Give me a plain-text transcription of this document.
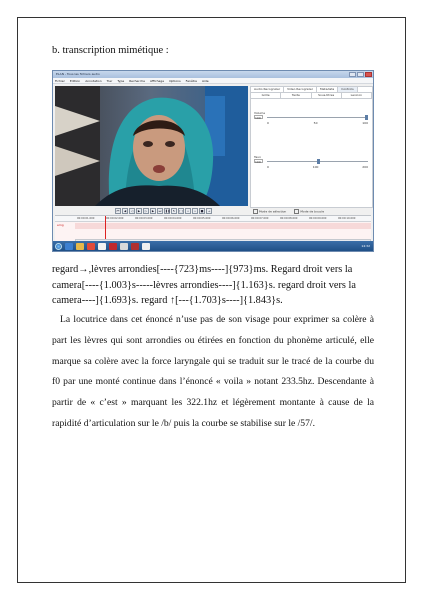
b. transcription mimétique :
ELAN - Tous les fichiers audio
Fichier Edition Annotation Tier Type Recherche Affichage Options Fenêtre Aide
Audio Recognizer	Video Recognizer	Metadata	Controls
Grille	Texte	Sous-titres	Lexicon
Volume
100
0	50	100
Taux
100
0	100	200
⏮	◀	◁	▶	▷	▶	⏭	❚❚ ↻	[ ]	«	»	■	→	Mode de sélection	Mode de boucle
00:00:01.000	00:00:02.000	00:00:03.000	00:00:04.000	00:00:05.000	00:00:06.000	00:00:07.000	00:00:08.000	00:00:09.000	00:00:10.000
emg
14:32
regard→,lèvres arrondies[----{723}ms----]{973}ms. Regard droit vers la camera[----{1.003}s-----lèvres arrondies----]{1.163}s. regard droit vers la camera----]{1.693}s. regard ↑[---{1.703}s----]{1.843}s.
La locutrice dans cet énoncé n’use pas de son visage pour exprimer sa colère à part les lèvres qui sont arrondies ou étirées en fonction du phonème articulé, elle marque sa colère avec la force laryngale qui se traduit sur le tracé de la courbe du f0 par une monté continue dans l’énoncé « voila » notant 233.5hz. Descendante à partir de « c’est » marquant les 322.1hz et légèrement montante à cause de la rapidité d’articulation sur le /b/ puis la courbe se stabilise sur le /57/.
